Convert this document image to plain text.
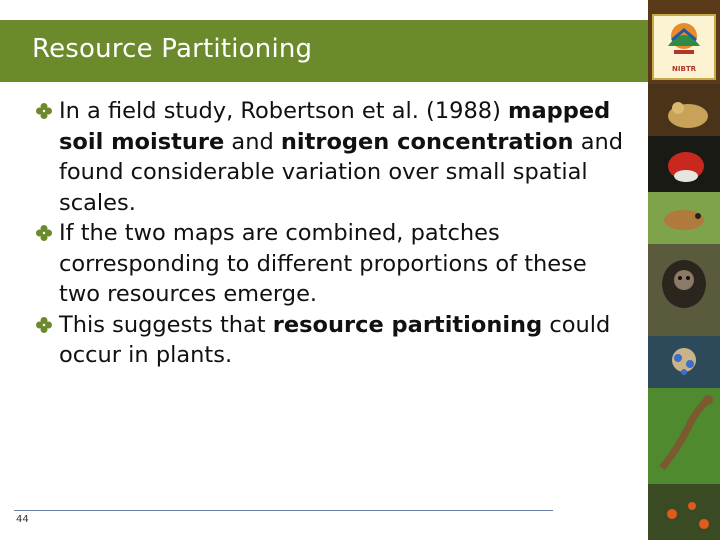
Resource Partitioning
NIBTR
In a field study, Robertson et al. (1988) mapped soil moisture and nitrogen concentration and found considerable variation over small spatial scales.
If the two maps are combined, patches corresponding to different proportions of these two resources emerge.
This suggests that resource partitioning could occur in plants.
44
